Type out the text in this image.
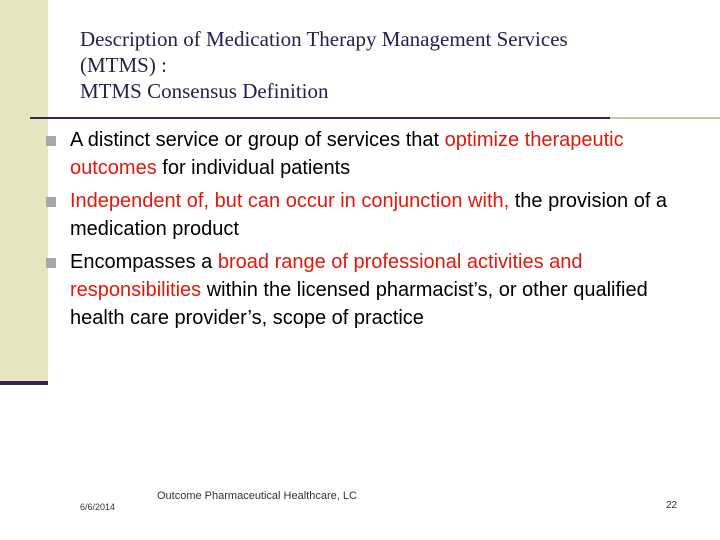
Description of Medication Therapy Management Services
(MTMS) :
MTMS Consensus Definition
A distinct service or group of services that optimize therapeutic outcomes for individual patients
Independent of, but can occur in conjunction with, the provision of a medication product
Encompasses a broad range of professional activities and responsibilities within the licensed pharmacist’s, or other qualified health care provider’s, scope of practice
6/6/2014
Outcome Pharmaceutical Healthcare, LC
22
